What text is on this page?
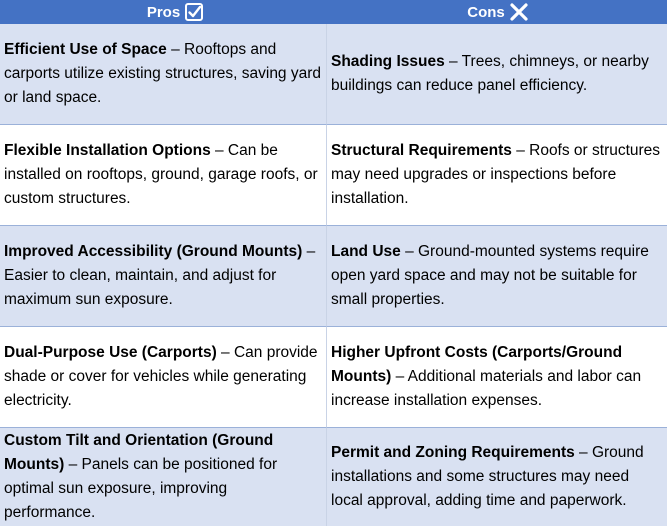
Pros	Cons

Efficient Use of Space – Rooftops and carports utilize existing structures, saving yard or land space.

Shading Issues – Trees, chimneys, or nearby buildings can reduce panel efficiency.

Flexible Installation Options – Can be installed on rooftops, ground, garage roofs, or custom structures.

Structural Requirements – Roofs or structures may need upgrades or inspections before installation.

Improved Accessibility (Ground Mounts) – Easier to clean, maintain, and adjust for maximum sun exposure.

Land Use – Ground-mounted systems require open yard space and may not be suitable for small properties.

Dual-Purpose Use (Carports) – Can provide shade or cover for vehicles while generating electricity.

Higher Upfront Costs (Carports/Ground Mounts) – Additional materials and labor can increase installation expenses.

Custom Tilt and Orientation (Ground Mounts) – Panels can be positioned for optimal sun exposure, improving performance.

Permit and Zoning Requirements – Ground installations and some structures may need local approval, adding time and paperwork.
